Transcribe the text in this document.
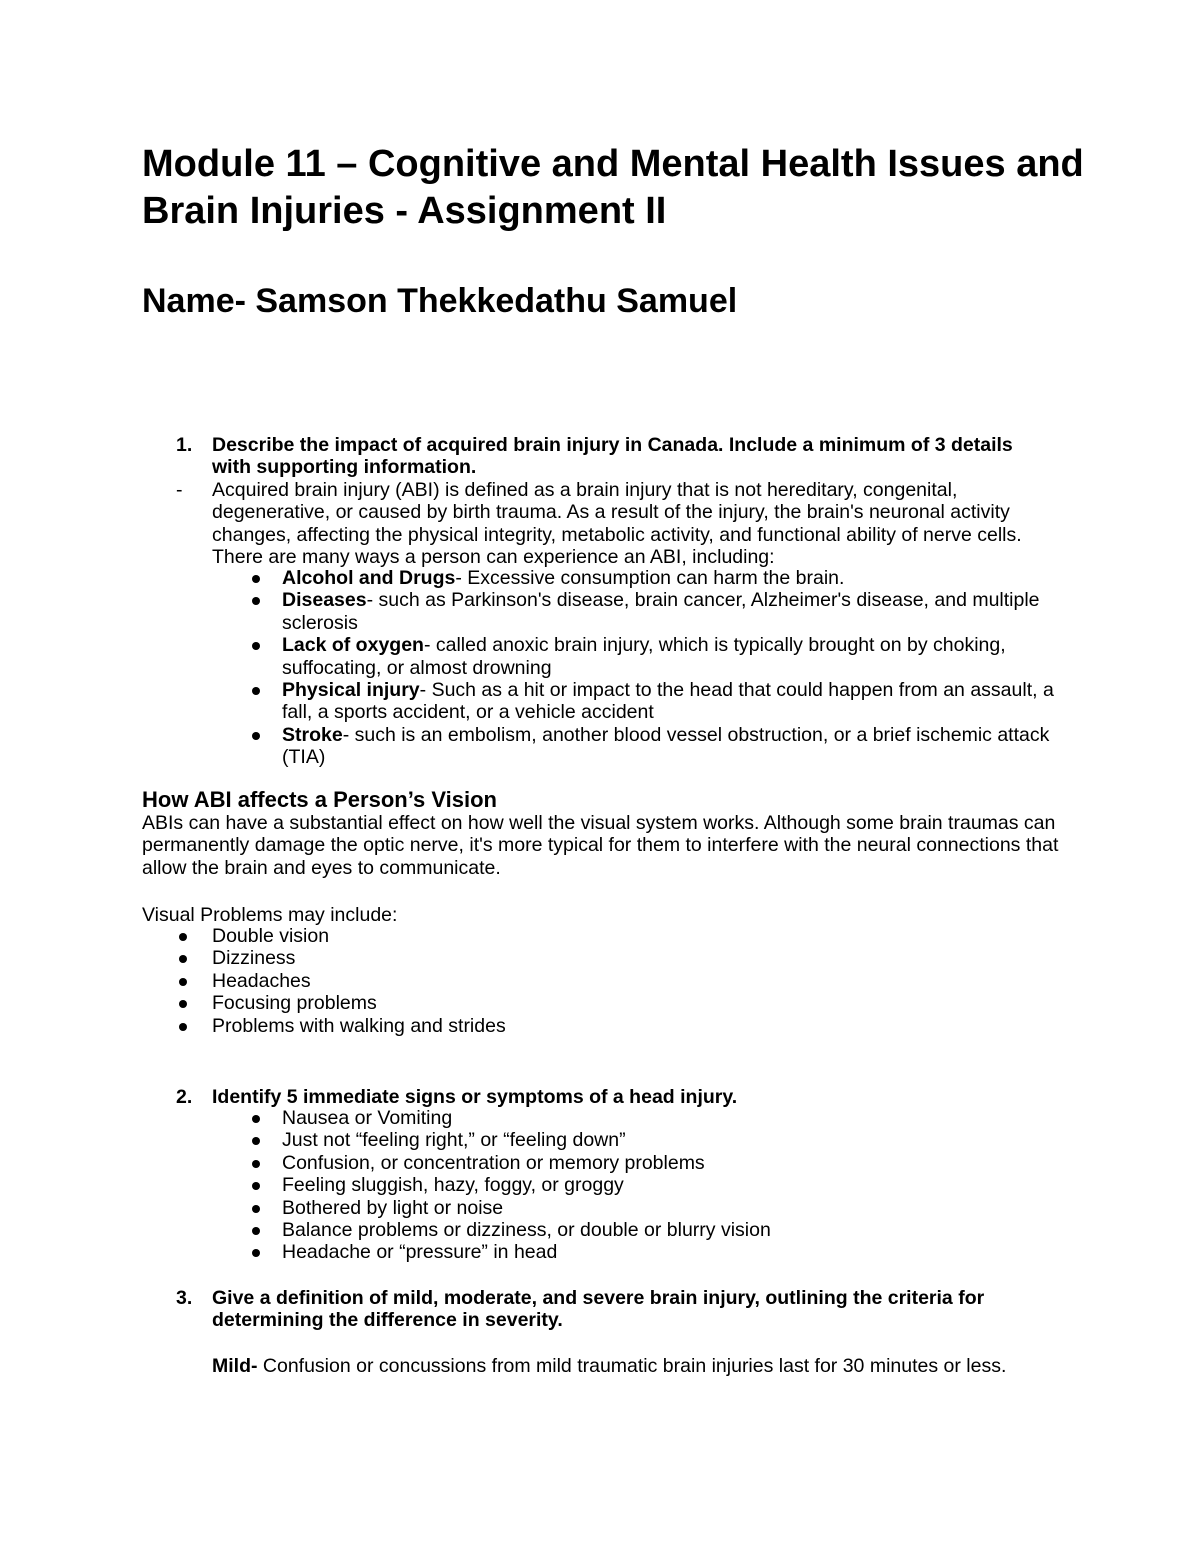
Module 11 – Cognitive and Mental Health Issues and Brain Injuries - Assignment II
Name- Samson Thekkedathu Samuel
1. Describe the impact of acquired brain injury in Canada. Include a minimum of 3 details with supporting information.
- Acquired brain injury (ABI) is defined as a brain injury that is not hereditary, congenital, degenerative, or caused by birth trauma. As a result of the injury, the brain's neuronal activity changes, affecting the physical integrity, metabolic activity, and functional ability of nerve cells. There are many ways a person can experience an ABI, including:
Alcohol and Drugs- Excessive consumption can harm the brain.
Diseases- such as Parkinson's disease, brain cancer, Alzheimer's disease, and multiple sclerosis
Lack of oxygen- called anoxic brain injury, which is typically brought on by choking, suffocating, or almost drowning
Physical injury- Such as a hit or impact to the head that could happen from an assault, a fall, a sports accident, or a vehicle accident
Stroke- such is an embolism, another blood vessel obstruction, or a brief ischemic attack (TIA)
How ABI affects a Person’s Vision

ABIs can have a substantial effect on how well the visual system works. Although some brain traumas can permanently damage the optic nerve, it's more typical for them to interfere with the neural connections that allow the brain and eyes to communicate.

Visual Problems may include:

Double vision
Dizziness
Headaches
Focusing problems
Problems with walking and strides
2. Identify 5 immediate signs or symptoms of a head injury.
Nausea or Vomiting
Just not “feeling right,” or “feeling down”
Confusion, or concentration or memory problems
Feeling sluggish, hazy, foggy, or groggy
Bothered by light or noise
Balance problems or dizziness, or double or blurry vision
Headache or “pressure” in head
3. Give a definition of mild, moderate, and severe brain injury, outlining the criteria for determining the difference in severity.

Mild- Confusion or concussions from mild traumatic brain injuries last for 30 minutes or less.
